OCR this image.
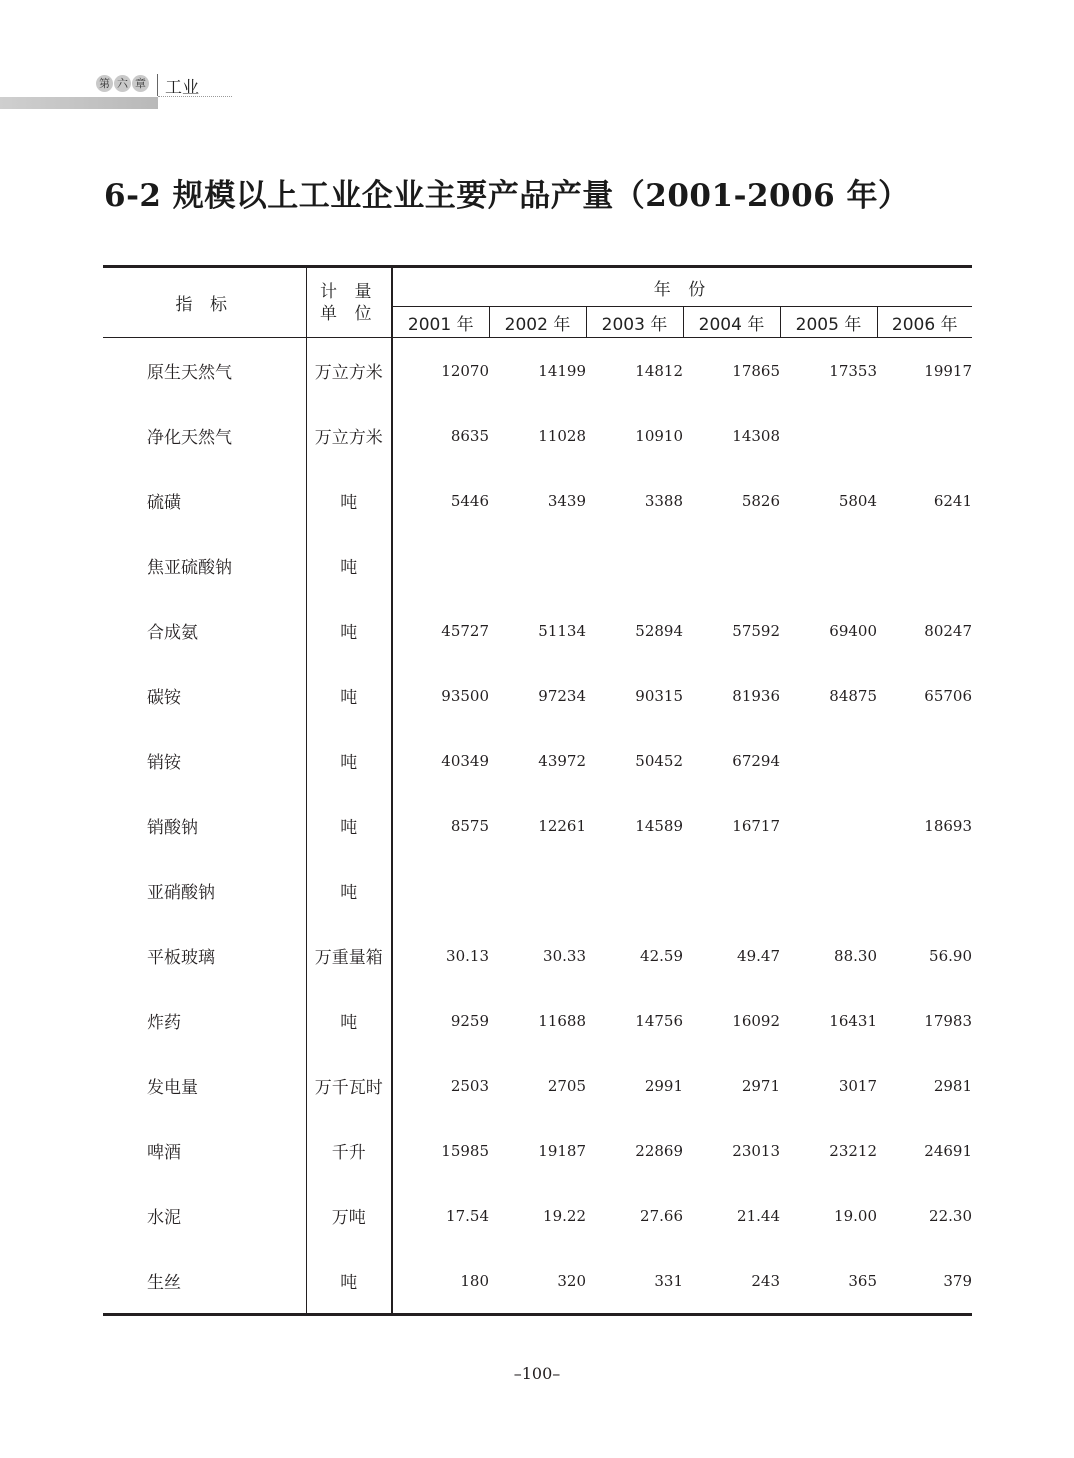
第 六 章 工业
6-2 规模以上工业企业主要产品产量（2001-2006 年）
指 标	计 量
单 位	年 份					
		2001 年	2002 年	2003 年	2004 年	2005 年	2006 年
原生天然气	万立方米	12070	14199	14812	17865	17353	19917
净化天然气	万立方米	8635	11028	10910	14308		
硫磺	吨	5446	3439	3388	5826	5804	6241
焦亚硫酸钠	吨						
合成氨	吨	45727	51134	52894	57592	69400	80247
碳铵	吨	93500	97234	90315	81936	84875	65706
销铵	吨	40349	43972	50452	67294		
销酸钠	吨	8575	12261	14589	16717		18693
亚硝酸钠	吨						
平板玻璃	万重量箱	30.13	30.33	42.59	49.47	88.30	56.90
炸药	吨	9259	11688	14756	16092	16431	17983
发电量	万千瓦时	2503	2705	2991	2971	3017	2981
啤酒	千升	15985	19187	22869	23013	23212	24691
水泥	万吨	17.54	19.22	27.66	21.44	19.00	22.30
生丝	吨	180	320	331	243	365	379
–100–
